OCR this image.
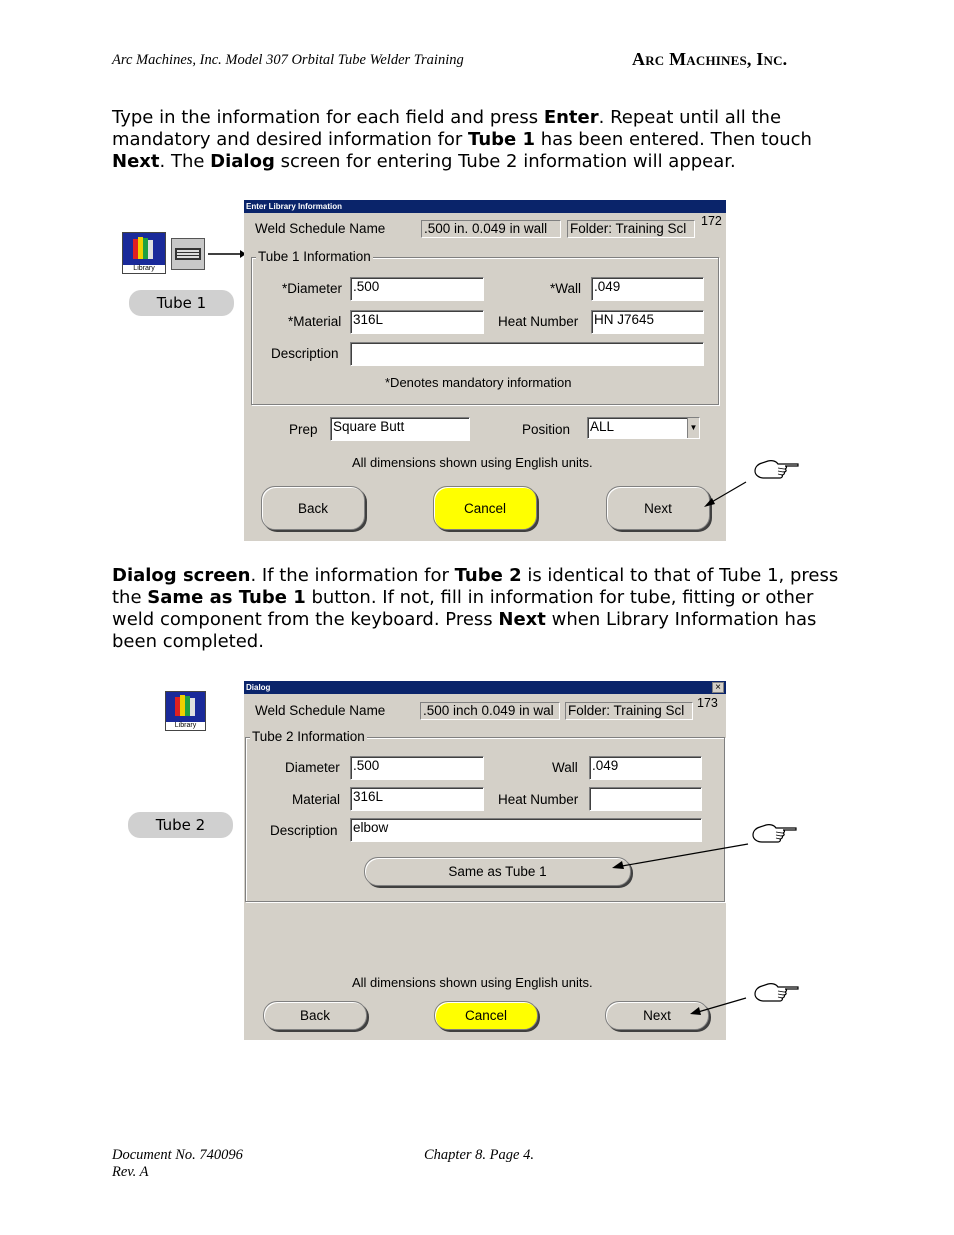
Arc Machines, Inc. Model 307 Orbital Tube Welder Training	Arc Machines, Inc.
Type in the information for each field and press Enter. Repeat until all the mandatory and desired information for Tube 1 has been entered. Then touch Next. The Dialog screen for entering Tube 2 information will appear.
Library
Tube 1
Enter Library Information
Weld Schedule Name	.500 in. 0.049 in wall	Folder: Training Scl	172
Tube 1 Information
*Diameter .500	*Wall .049
*Material 316L	Heat Number HN J7645
Description
*Denotes mandatory information
Prep Square Butt	Position ALL	▼
All dimensions shown using English units.
Back	Cancel	Next
Dialog screen. If the information for Tube 2 is identical to that of Tube 1, press the Same as Tube 1 button. If not, fill in information for tube, fitting or other weld component from the keyboard. Press Next when Library Information has been completed.
Library
Tube 2
Dialog	×
Weld Schedule Name	.500 inch 0.049 in wal	Folder: Training Scl	173
Tube 2 Information
Diameter .500	Wall .049
Material 316L	Heat Number
Description elbow
Same as Tube 1
All dimensions shown using English units.
Back	Cancel	Next
Document No. 740096
Rev. A
Chapter 8. Page 4.
